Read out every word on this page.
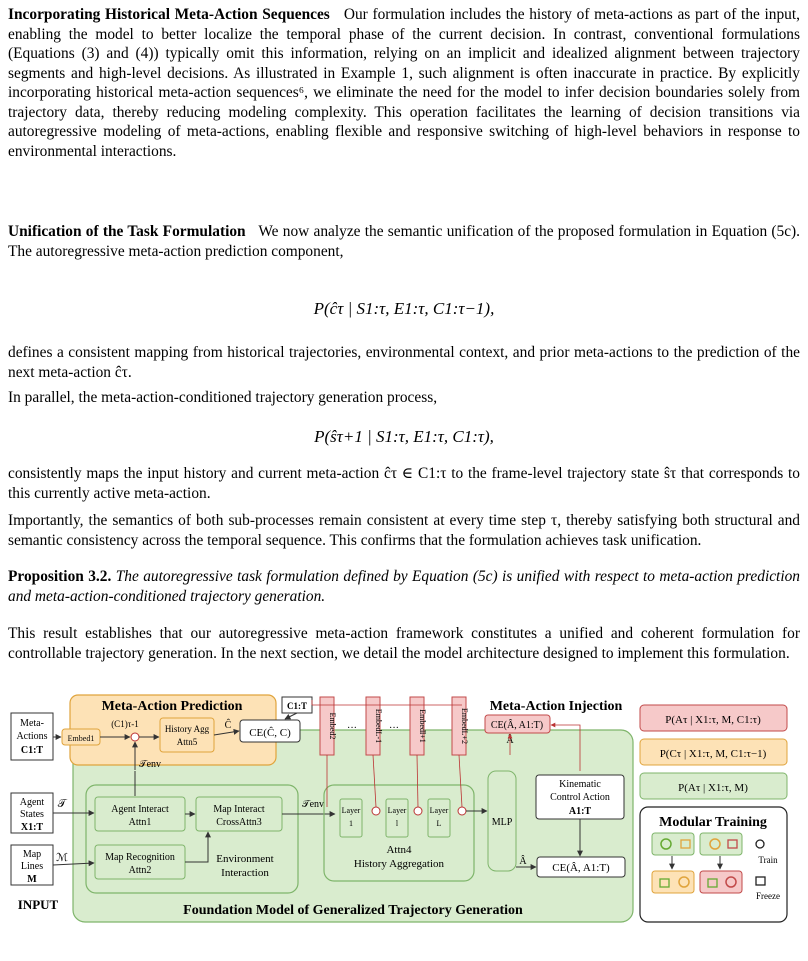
Incorporating Historical Meta-Action Sequences Our formulation includes the history of meta-actions as part of the input, enabling the model to better localize the temporal phase of the current decision. In contrast, conventional formulations (Equations (3) and (4)) typically omit this information, relying on an implicit and idealized alignment between trajectory segments and high-level decisions. As illustrated in Example 1, such alignment is often inaccurate in practice. By explicitly incorporating historical meta-action sequences⁶, we eliminate the need for the model to infer decision boundaries solely from trajectory data, thereby reducing modeling complexity. This operation facilitates the learning of decision transitions via autoregressive modeling of meta-actions, enabling flexible and responsive switching of high-level behaviors in response to environmental interactions.
Unification of the Task Formulation We now analyze the semantic unification of the proposed formulation in Equation (5c). The autoregressive meta-action prediction component,
P(ĉτ | S1:τ, E1:τ, C1:τ−1),
defines a consistent mapping from historical trajectories, environmental context, and prior meta-actions to the prediction of the next meta-action ĉτ.
In parallel, the meta-action-conditioned trajectory generation process,
P(ŝτ+1 | S1:τ, E1:τ, C1:τ),
consistently maps the input history and current meta-action ĉτ ∈ C1:τ to the frame-level trajectory state ŝτ that corresponds to this currently active meta-action.
Importantly, the semantics of both sub-processes remain consistent at every time step τ, thereby satisfying both structural and semantic consistency across the temporal sequence. This confirms that the formulation achieves task unification.
Proposition 3.2. The autoregressive task formulation defined by Equation (5c) is unified with respect to meta-action prediction and meta-action-conditioned trajectory generation.
This result establishes that our autoregressive meta-action framework constitutes a unified and coherent formulation for controllable trajectory generation. In the next section, we detail the model architecture designed to implement this formulation.
Foundation Model of Generalized Trajectory Generation
Meta-Action Prediction
Meta-
Actions
C1:T
Embed1
(C1)τ-1	History Agg
Attn5
Ĉ
CE(Ĉ, C)
C1:T
𝒯env
Embed2 ··· EmbedL-1 ··· Embedl+1	EmbedL+2
Meta-Action Injection
CE(Â, A1:T)
Â
P(Aτ | X1:τ, M, C1:τ)
P(Cτ | X1:τ, M, C1:τ−1)
P(Aτ | X1:τ, M)
Modular Training
Train
Freeze
Agent
States
X1:T
𝒯
Map
Lines
M
ℳ
INPUT
Agent Interact
Attn1
Map Interact
CrossAttn3
Map Recognition
Attn2
Environment
Interaction
𝒯env
Layer
1
Layer
l
Layer
L
Attn4
History Aggregation
MLP
Kinematic
Control Action
A1:T
Â
CE(Â, A1:T)
